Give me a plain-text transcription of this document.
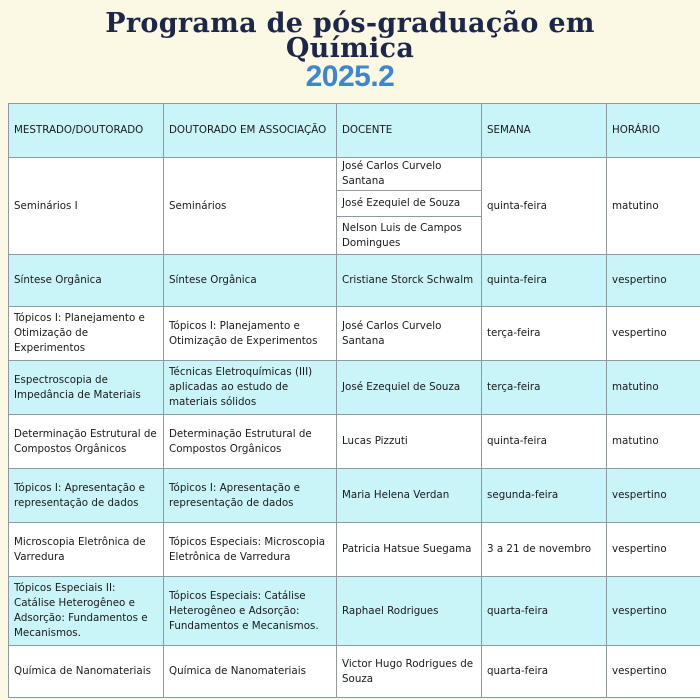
Programa de pós-graduação em
Química
2025.2
MESTRADO/DOUTORADO	DOUTORADO EM ASSOCIAÇÃO	DOCENTE	SEMANA	HORÁRIO
Seminários I	Seminários	José Carlos Curvelo Santana	quinta-feira	matutino
		José Ezequiel de Souza		
		Nelson Luis de Campos Domingues		
Síntese Orgânica	Síntese Orgânica	Cristiane Storck Schwalm	quinta-feira	vespertino
Tópicos I: Planejamento e Otimização de Experimentos	Tópicos I: Planejamento e Otimização de Experimentos	José Carlos Curvelo Santana	terça-feira	vespertino
Espectroscopia de Impedância de Materiais	Técnicas Eletroquímicas (III) aplicadas ao estudo de materiais sólidos	José Ezequiel de Souza	terça-feira	matutino
Determinação Estrutural de Compostos Orgânicos	Determinação Estrutural de Compostos Orgânicos	Lucas Pizzuti	quinta-feira	matutino
Tópicos I: Apresentação e representação de dados	Tópicos I: Apresentação e representação de dados	Maria Helena Verdan	segunda-feira	vespertino
Microscopia Eletrônica de Varredura	Tópicos Especiais: Microscopia Eletrônica de Varredura	Patricia Hatsue Suegama	3 a 21 de novembro	vespertino
Tópicos Especiais II: Catálise Heterogêneo e Adsorção: Fundamentos e Mecanismos.	Tópicos Especiais: Catálise Heterogêneo e Adsorção: Fundamentos e Mecanismos.	Raphael Rodrigues	quarta-feira	vespertino
Química de Nanomateriais	Química de Nanomateriais	Victor Hugo Rodrigues de Souza	quarta-feira	vespertino
